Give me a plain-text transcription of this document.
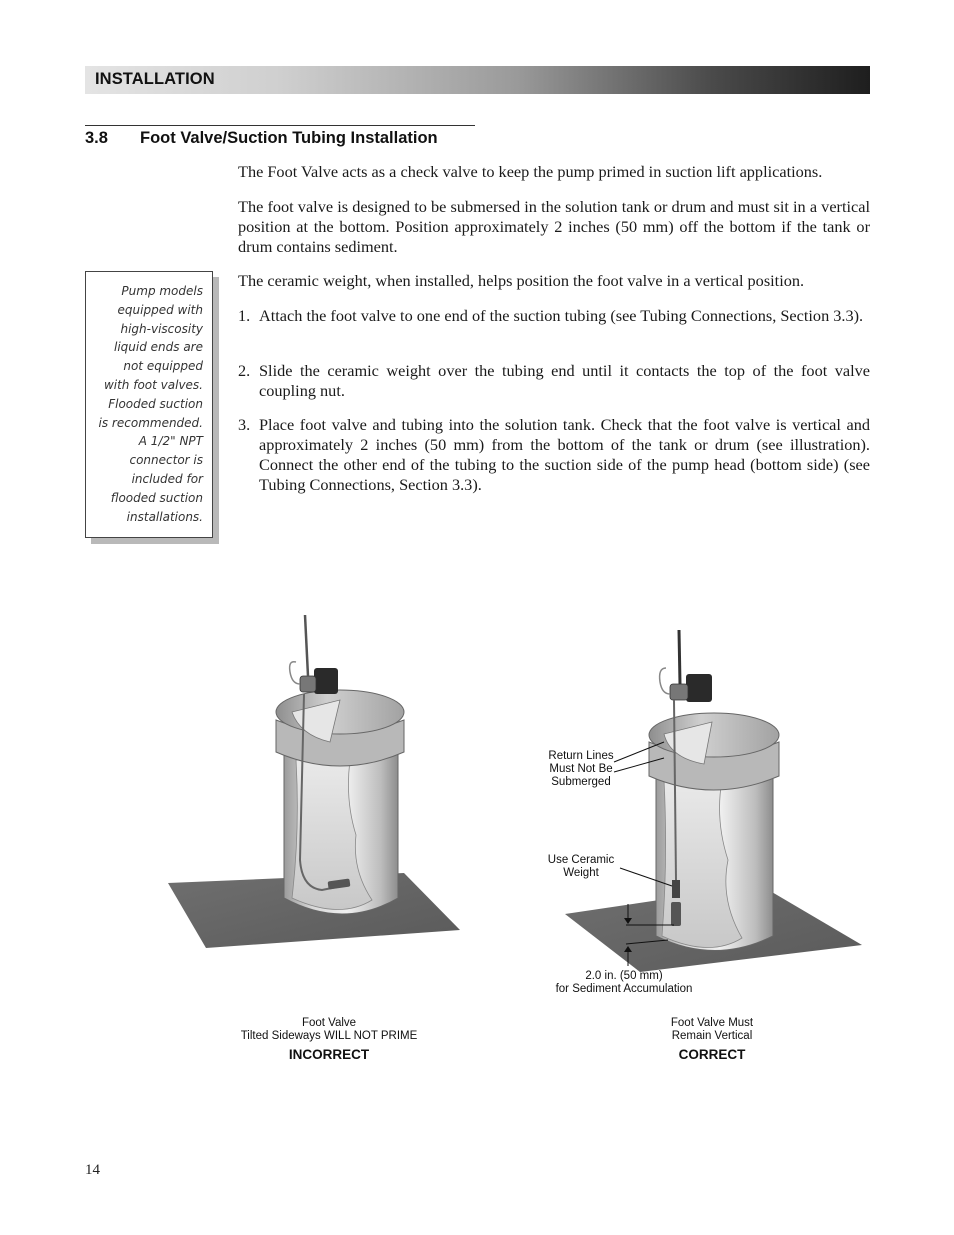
INSTALLATION
3.8 Foot Valve/Suction Tubing Installation

The Foot Valve acts as a check valve to keep the pump primed in suction lift applications.

The foot valve is designed to be submersed in the solution tank or drum and must sit in a vertical position at the bottom. Position approximately 2 inches (50 mm) off the bottom if the tank or drum contains sediment.

The ceramic weight, when installed, helps position the foot valve in a vertical position.

1. Attach the foot valve to one end of the suction tubing (see Tubing Connections, Section 3.3).
2. Slide the ceramic weight over the tubing end until it contacts the top of the foot valve coupling nut.
3. Place foot valve and tubing into the solution tank. Check that the foot valve is vertical and approximately 2 inches (50 mm) from the bottom of the tank or drum (see illustration). Connect the other end of the tubing to the suction side of the pump head (bottom side) (see Tubing Connections, Section 3.3).
Pump models
equipped with
high-viscosity
liquid ends are
not equipped
with foot valves.
Flooded suction
is recommended.
A 1/2" NPT
connector is
included for
flooded suction
installations.
Return Lines
Must Not Be
Submerged
Use Ceramic
Weight
2.0 in. (50 mm)
for Sediment Accumulation
Foot Valve
Tilted Sideways WILL NOT PRIME
INCORRECT
Foot Valve Must
Remain Vertical
CORRECT
14
